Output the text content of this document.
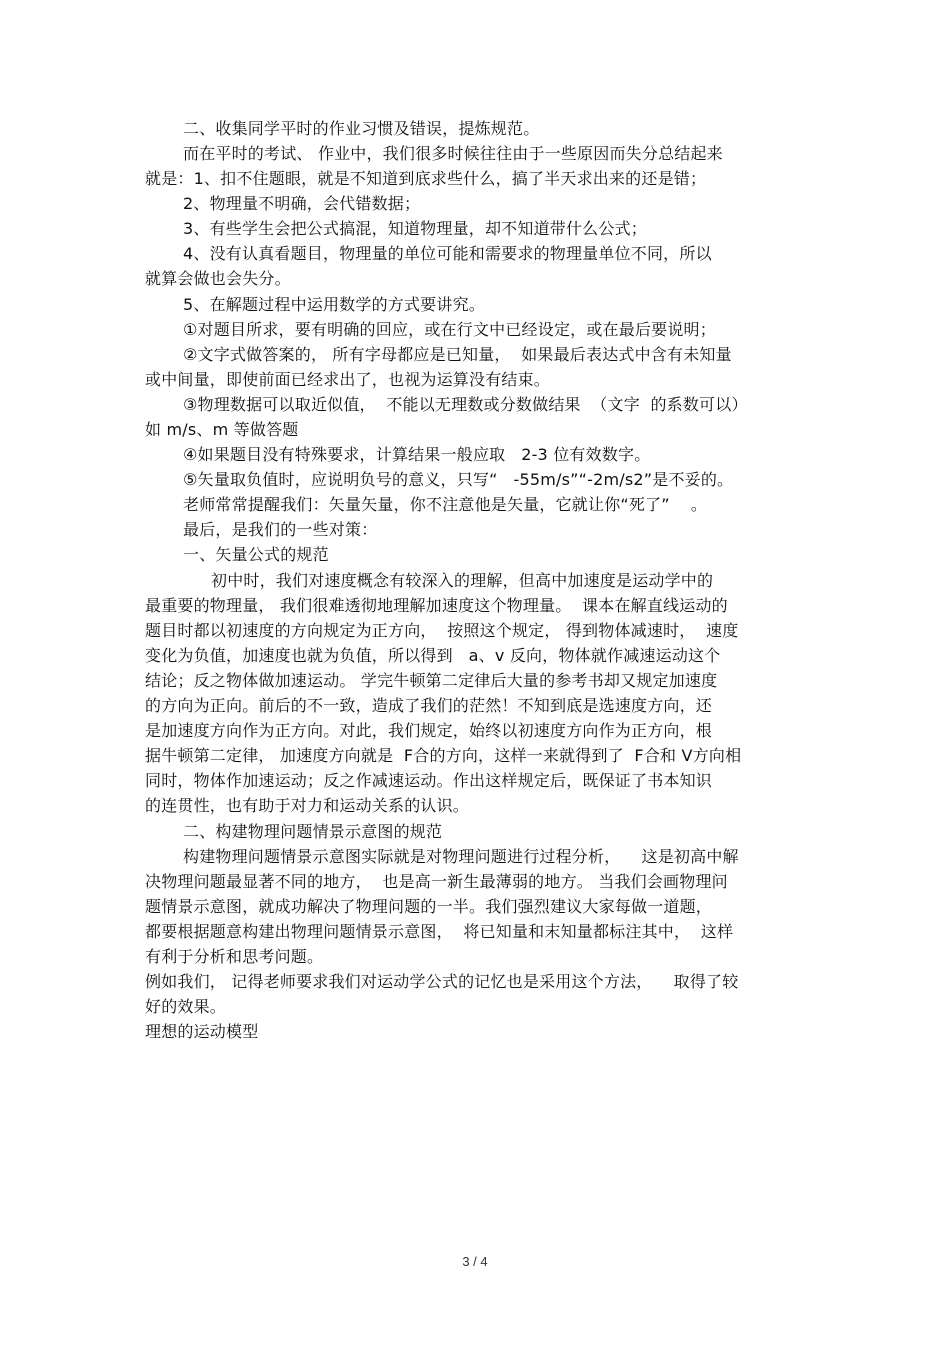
二、收集同学平时的作业习惯及错误，提炼规范。
而在平时的考试、 作业中，我们很多时候往往由于一些原因而失分总结起来
就是：1、扣不住题眼，就是不知道到底求些什么，搞了半天求出来的还是错；
2、物理量不明确，会代错数据；
3、有些学生会把公式搞混，知道物理量，却不知道带什么公式；
4、没有认真看题目，物理量的单位可能和需要求的物理量单位不同，所以
就算会做也会失分。
5、在解题过程中运用数学的方式要讲究。
①对题目所求，要有明确的回应，或在行文中已经设定，或在最后要说明；
②文字式做答案的， 所有字母都应是已知量，  如果最后表达式中含有未知量
或中间量，即使前面已经求出了，也视为运算没有结束。
③物理数据可以取近似值，  不能以无理数或分数做结果  （文字  的系数可以）
如 m/s、m 等做答题
④如果题目没有特殊要求，计算结果一般应取   2-3 位有效数字。
⑤矢量取负值时，应说明负号的意义，只写“   -55m/s”“-2m/s2”是不妥的。
老师常常提醒我们：矢量矢量，你不注意他是矢量，它就让你“死了”    。
最后，是我们的一些对策：
一、矢量公式的规范
初中时，我们对速度概念有较深入的理解，但高中加速度是运动学中的
最重要的物理量， 我们很难透彻地理解加速度这个物理量。  课本在解直线运动的
题目时都以初速度的方向规定为正方向，  按照这个规定， 得到物体减速时，  速度
变化为负值，加速度也就为负值，所以得到   a、v 反向，物体就作减速运动这个
结论；反之物体做加速运动。 学完牛顿第二定律后大量的参考书却又规定加速度
的方向为正向。前后的不一致，造成了我们的茫然！不知到底是选速度方向，还
是加速度方向作为正方向。对此，我们规定，始终以初速度方向作为正方向，根
据牛顿第二定律， 加速度方向就是  F合的方向，这样一来就得到了  F合和 V方向相
同时，物体作加速运动；反之作减速运动。作出这样规定后，既保证了书本知识
的连贯性，也有助于对力和运动关系的认识。
二、构建物理问题情景示意图的规范
构建物理问题情景示意图实际就是对物理问题进行过程分析，    这是初高中解
决物理问题最显著不同的地方，  也是高一新生最薄弱的地方。 当我们会画物理问
题情景示意图，就成功解决了物理问题的一半。我们强烈建议大家每做一道题，
都要根据题意构建出物理问题情景示意图，  将已知量和末知量都标注其中，  这样
有利于分析和思考问题。
例如我们， 记得老师要求我们对运动学公式的记忆也是采用这个方法，    取得了较
好的效果。
理想的运动模型
3 / 4
